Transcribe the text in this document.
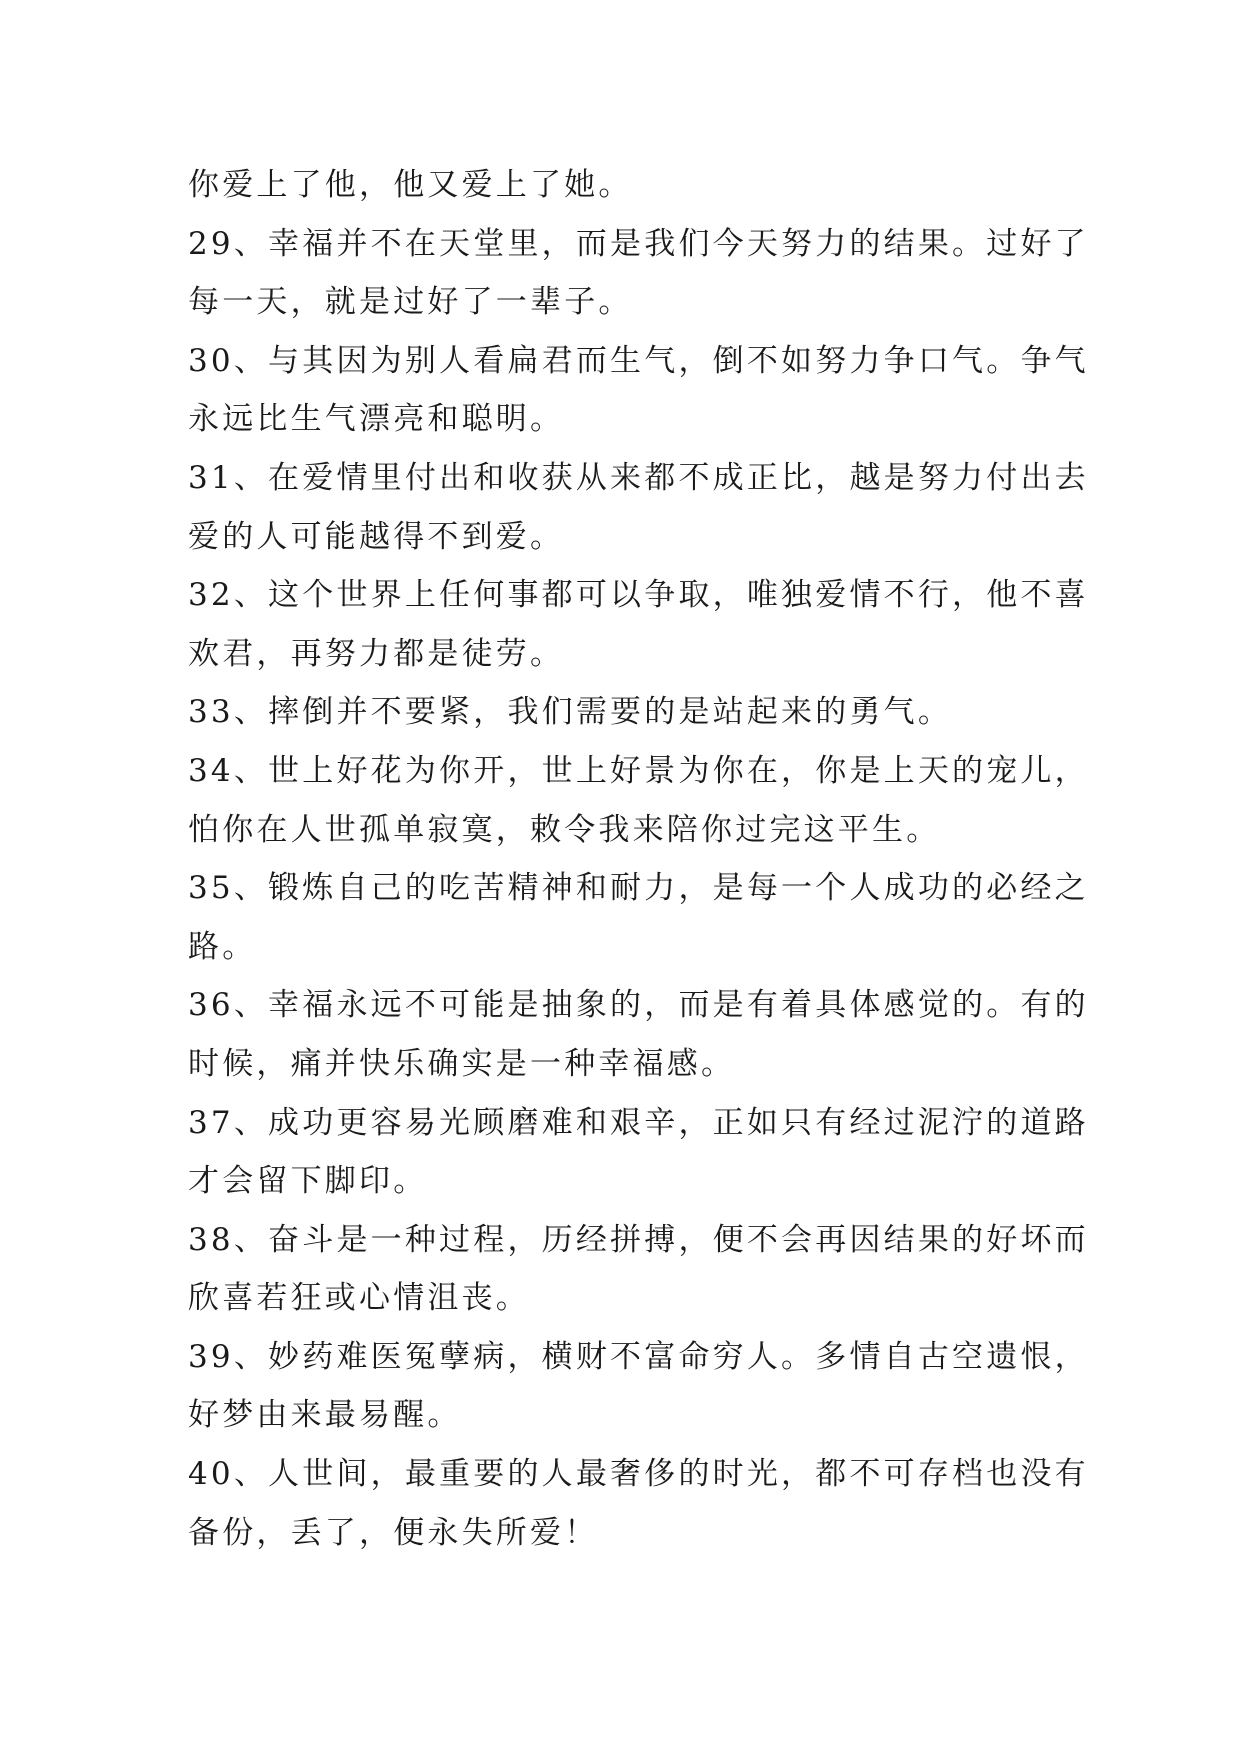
你爱上了他，他又爱上了她。
29、幸福并不在天堂里，而是我们今天努力的结果。过好了
每一天，就是过好了一辈子。
30、与其因为别人看扁君而生气，倒不如努力争口气。争气
永远比生气漂亮和聪明。
31、在爱情里付出和收获从来都不成正比，越是努力付出去
爱的人可能越得不到爱。
32、这个世界上任何事都可以争取，唯独爱情不行，他不喜
欢君，再努力都是徒劳。
33、摔倒并不要紧，我们需要的是站起来的勇气。
34、世上好花为你开，世上好景为你在，你是上天的宠儿，
怕你在人世孤单寂寞，敕令我来陪你过完这平生。
35、锻炼自己的吃苦精神和耐力，是每一个人成功的必经之
路。
36、幸福永远不可能是抽象的，而是有着具体感觉的。有的
时候，痛并快乐确实是一种幸福感。
37、成功更容易光顾磨难和艰辛，正如只有经过泥泞的道路
才会留下脚印。
38、奋斗是一种过程，历经拼搏，便不会再因结果的好坏而
欣喜若狂或心情沮丧。
39、妙药难医冤孽病，横财不富命穷人。多情自古空遗恨，
好梦由来最易醒。
40、人世间，最重要的人最奢侈的时光，都不可存档也没有
备份，丢了，便永失所爱！
